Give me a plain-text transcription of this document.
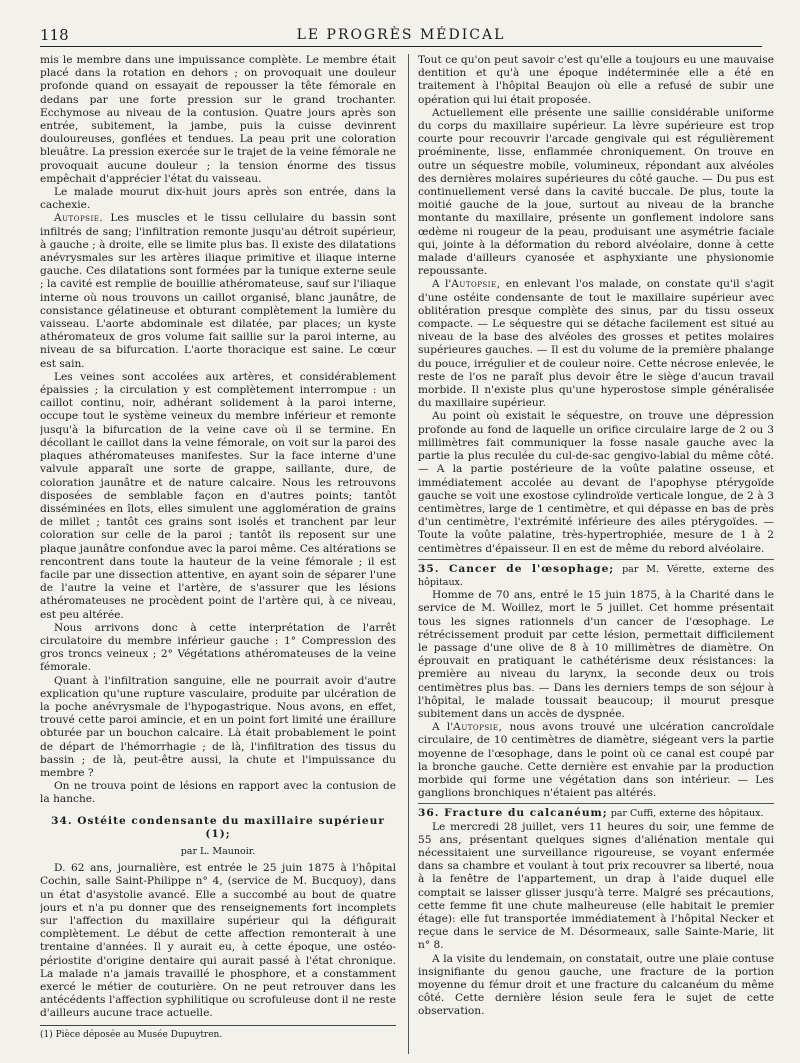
118	LE PROGRÈS MÉDICAL

mis le membre dans une impuissance complète. Le membre était placé dans la rotation en dehors ; on provoquait une douleur profonde quand on essayait de repousser la tête fémorale en dedans par une forte pression sur le grand trochanter. Ecchymose au niveau de la contusion. Quatre jours après son entrée, subitement, la jambe, puis la cuisse devinrent douloureuses, gonflées et tendues. La peau prit une coloration bleuâtre. La pression exercée sur le trajet de la veine fémorale ne provoquait aucune douleur ; la tension énorme des tissus empêchait d'apprécier l'état du vaisseau.

Le malade mourut dix-huit jours après son entrée, dans la cachexie.

Autopsie. Les muscles et le tissu cellulaire du bassin sont infiltrés de sang; l'infiltration remonte jusqu'au détroit supérieur, à gauche ; à droite, elle se limite plus bas. Il existe des dilatations anévrysmales sur les artères iliaque primitive et iliaque interne gauche. Ces dilatations sont formées par la tunique externe seule ; la cavité est remplie de bouillie athéromateuse, sauf sur l'iliaque interne où nous trouvons un caillot organisé, blanc jaunâtre, de consistance gélatineuse et obturant complètement la lumière du vaisseau. L'aorte abdominale est dilatée, par places; un kyste athéromateux de gros volume fait saillie sur la paroi interne, au niveau de sa bifurcation. L'aorte thoracique est saine. Le cœur est sain.

Les veines sont accolées aux artères, et considérablement épaissies ; la circulation y est complètement interrompue : un caillot continu, noir, adhérant solidement à la paroi interne, occupe tout le système veineux du membre inférieur et remonte jusqu'à la bifurcation de la veine cave où il se termine. En décollant le caillot dans la veine fémorale, on voit sur la paroi des plaques athéromateuses manifestes. Sur la face interne d'une valvule apparaît une sorte de grappe, saillante, dure, de coloration jaunâtre et de nature calcaire. Nous les retrouvons disposées de semblable façon en d'autres points; tantôt disséminées en îlots, elles simulent une agglomération de grains de millet ; tantôt ces grains sont isolés et tranchent par leur coloration sur celle de la paroi ; tantôt ils reposent sur une plaque jaunâtre confondue avec la paroi même. Ces altérations se rencontrent dans toute la hauteur de la veine fémorale ; il est facile par une dissection attentive, en ayant soin de séparer l'une de l'autre la veine et l'artère, de s'assurer que les lésions athéromateuses ne procèdent point de l'artère qui, à ce niveau, est peu altérée.

Nous arrivons donc à cette interprétation de l'arrêt circulatoire du membre inférieur gauche : 1° Compression des gros troncs veineux ; 2° Végétations athéromateuses de la veine fémorale.

Quant à l'infiltration sanguine, elle ne pourrait avoir d'autre explication qu'une rupture vasculaire, produite par ulcération de la poche anévrysmale de l'hypogastrique. Nous avons, en effet, trouvé cette paroi amincie, et en un point fort limité une éraillure obturée par un bouchon calcaire. Là était probablement le point de départ de l'hémorrhagie ; de là, l'infiltration des tissus du bassin ; de là, peut-être aussi, la chute et l'impuissance du membre ?

On ne trouva point de lésions en rapport avec la contusion de la hanche.

34. Ostéite condensante du maxillaire supérieur (1);
par L. Maunoir.

D. 62 ans, journalière, est entrée le 25 juin 1875 à l'hôpital Cochin, salle Saint-Philippe n° 4, (service de M. Bucquoy), dans un état d'asystolie avancé. Elle a succombé au bout de quatre jours et n'a pu donner que des renseignements fort incomplets sur l'affection du maxillaire supérieur qui la défigurait complètement. Le début de cette affection remonterait à une trentaine d'années. Il y aurait eu, à cette époque, une ostéo-périostite d'origine dentaire qui aurait passé à l'état chronique. La malade n'a jamais travaillé le phosphore, et a constamment exercé le métier de couturière. On ne peut retrouver dans les antécédents l'affection syphilitique ou scrofuleuse dont il ne reste d'ailleurs aucune trace actuelle.

(1) Pièce déposée au Musée Dupuytren.

Tout ce qu'on peut savoir c'est qu'elle a toujours eu une mauvaise dentition et qu'à une époque indéterminée elle a été en traitement à l'hôpital Beaujon où elle a refusé de subir une opération qui lui était proposée.

Actuellement elle présente une saillie considérable uniforme du corps du maxillaire supérieur. La lèvre supérieure est trop courte pour recouvrir l'arcade gengivale qui est régulièrement proéminente, lisse, enflammée chroniquement. On trouve en outre un séquestre mobile, volumineux, répondant aux alvéoles des dernières molaires supérieures du côté gauche. — Du pus est continuellement versé dans la cavité buccale. De plus, toute la moitié gauche de la joue, surtout au niveau de la branche montante du maxillaire, présente un gonflement indolore sans œdème ni rougeur de la peau, produisant une asymétrie faciale qui, jointe à la déformation du rebord alvéolaire, donne à cette malade d'ailleurs cyanosée et asphyxiante une physionomie repoussante.

A l'Autopsie, en enlevant l'os malade, on constate qu'il s'agit d'une ostéite condensante de tout le maxillaire supérieur avec oblitération presque complète des sinus, par du tissu osseux compacte. — Le séquestre qui se détache facilement est situé au niveau de la base des alvéoles des grosses et petites molaires supérieures gauches. — Il est du volume de la première phalange du pouce, irrégulier et de couleur noire. Cette nécrose enlevée, le reste de l'os ne paraît plus devoir être le siège d'aucun travail morbide. Il n'existe plus qu'une hyperostose simple généralisée du maxillaire supérieur.

Au point où existait le séquestre, on trouve une dépression profonde au fond de laquelle un orifice circulaire large de 2 ou 3 millimètres fait communiquer la fosse nasale gauche avec la partie la plus reculée du cul-de-sac gengivo-labial du même côté. — A la partie postérieure de la voûte palatine osseuse, et immédiatement accolée au devant de l'apophyse ptérygoïde gauche se voit une exostose cylindroïde verticale longue, de 2 à 3 centimètres, large de 1 centimètre, et qui dépasse en bas de près d'un centimètre, l'extrémité inférieure des ailes ptérygoïdes. — Toute la voûte palatine, très-hypertrophiée, mesure de 1 à 2 centimètres d'épaisseur. Il en est de même du rebord alvéolaire.

35. Cancer de l'œsophage; par M. Vérette, externe des hôpitaux.

Homme de 70 ans, entré le 15 juin 1875, à la Charité dans le service de M. Woillez, mort le 5 juillet. Cet homme présentait tous les signes rationnels d'un cancer de l'œsophage. Le rétrécissement produit par cette lésion, permettait difficilement le passage d'une olive de 8 à 10 millimètres de diamètre. On éprouvait en pratiquant le cathétérisme deux résistances: la première au niveau du larynx, la seconde deux ou trois centimètres plus bas. — Dans les derniers temps de son séjour à l'hôpital, le malade toussait beaucoup; il mourut presque subitement dans un accès de dyspnée.

A l'Autopsie, nous avons trouvé une ulcération cancroïdale circulaire, de 10 centimètres de diamètre, siégeant vers la partie moyenne de l'œsophage, dans le point où ce canal est coupé par la bronche gauche. Cette dernière est envahie par la production morbide qui forme une végétation dans son intérieur. — Les ganglions bronchiques n'étaient pas altérés.

36. Fracture du calcanéum; par Cuffi, externe des hôpitaux.

Le mercredi 28 juillet, vers 11 heures du soir, une femme de 55 ans, présentant quelques signes d'aliénation mentale qui nécessitaient une surveillance rigoureuse, se voyant enfermée dans sa chambre et voulant à tout prix recouvrer sa liberté, noua à la fenêtre de l'appartement, un drap à l'aide duquel elle comptait se laisser glisser jusqu'à terre. Malgré ses précautions, cette femme fit une chute malheureuse (elle habitait le premier étage): elle fut transportée immédiatement à l'hôpital Necker et reçue dans le service de M. Désormeaux, salle Sainte-Marie, lit n° 8.

A la visite du lendemain, on constatait, outre une plaie contuse insignifiante du genou gauche, une fracture de la portion moyenne du fémur droit et une fracture du calcanéum du même côté. Cette dernière lésion seule fera le sujet de cette observation.
